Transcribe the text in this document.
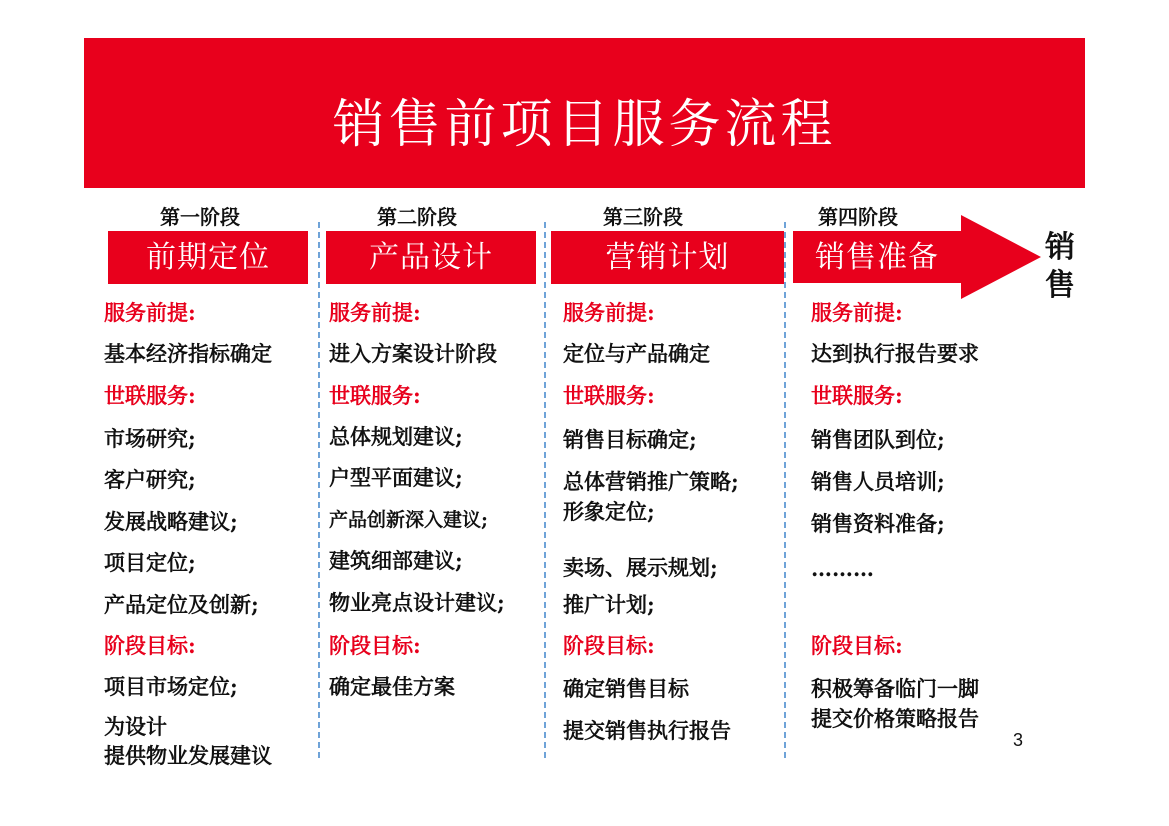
销售前项目服务流程
第一阶段	第二阶段	第三阶段	第四阶段
前期定位	产品设计	营销计划	销售准备	销售
服务前提:
基本经济指标确定
世联服务:
市场研究;
客户研究;
发展战略建议;
项目定位;
产品定位及创新;
阶段目标:
项目市场定位;
为设计
提供物业发展建议
服务前提:
进入方案设计阶段
世联服务:
总体规划建议;
户型平面建议;
产品创新深入建议;
建筑细部建议;
物业亮点设计建议;
阶段目标:
确定最佳方案
服务前提:
定位与产品确定
世联服务:
销售目标确定;
总体营销推广策略;
形象定位;
卖场、展示规划;
推广计划;
阶段目标:
确定销售目标
提交销售执行报告
服务前提:
达到执行报告要求
世联服务:
销售团队到位;
销售人员培训;
销售资料准备;
………
阶段目标:
积极筹备临门一脚
提交价格策略报告
3
